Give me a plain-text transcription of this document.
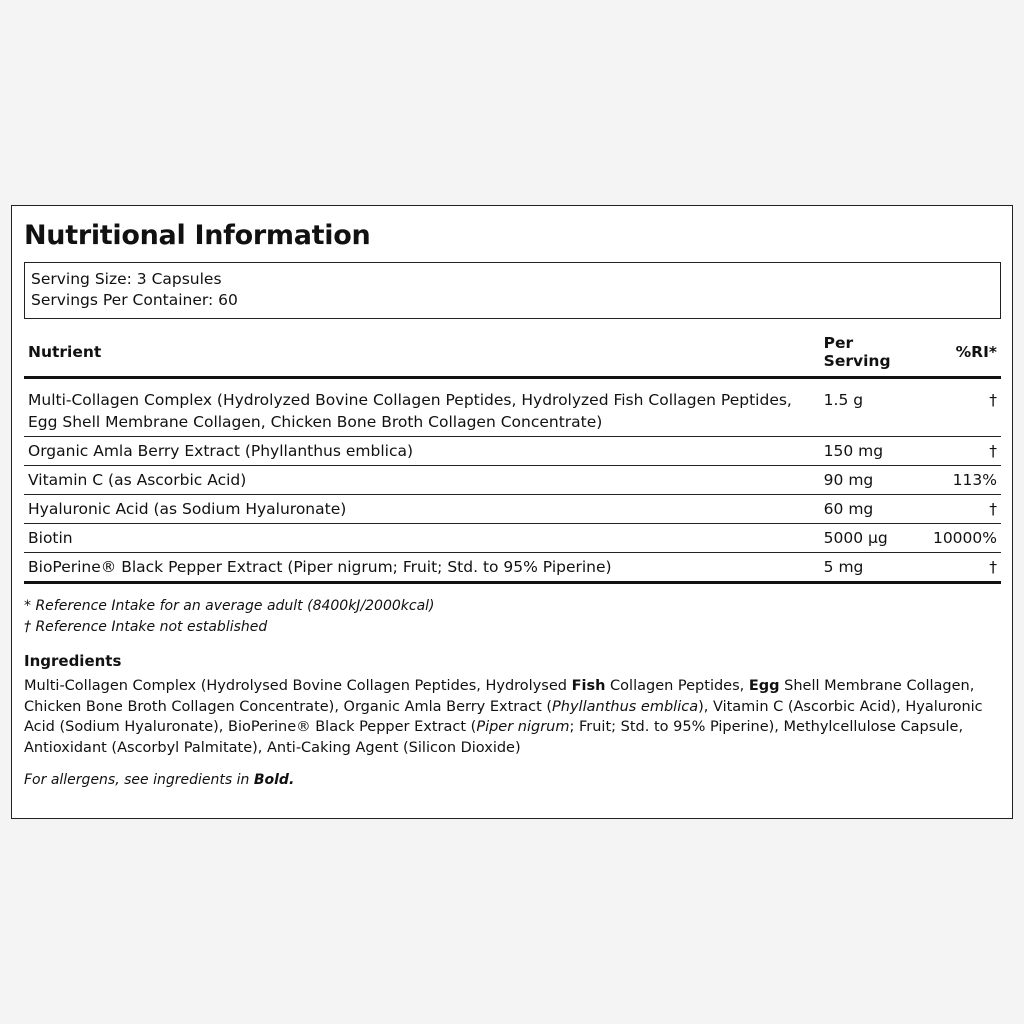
Nutritional Information
Serving Size: 3 Capsules
Servings Per Container: 60
Nutrient	Per Serving	%RI*
Multi-Collagen Complex (Hydrolyzed Bovine Collagen Peptides, Hydrolyzed Fish Collagen Peptides, Egg Shell Membrane Collagen, Chicken Bone Broth Collagen Concentrate)	1.5 g	†
Organic Amla Berry Extract (Phyllanthus emblica)	150 mg	†
Vitamin C (as Ascorbic Acid)	90 mg	113%
Hyaluronic Acid (as Sodium Hyaluronate)	60 mg	†
Biotin	5000 µg	10000%
BioPerine® Black Pepper Extract (Piper nigrum; Fruit; Std. to 95% Piperine)	5 mg	†
* Reference Intake for an average adult (8400kJ/2000kcal)
† Reference Intake not established
Ingredients
Multi-Collagen Complex (Hydrolysed Bovine Collagen Peptides, Hydrolysed Fish Collagen Peptides, Egg Shell Membrane Collagen, Chicken Bone Broth Collagen Concentrate), Organic Amla Berry Extract (Phyllanthus emblica), Vitamin C (Ascorbic Acid), Hyaluronic Acid (Sodium Hyaluronate), BioPerine® Black Pepper Extract (Piper nigrum; Fruit; Std. to 95% Piperine), Methylcellulose Capsule, Antioxidant (Ascorbyl Palmitate), Anti-Caking Agent (Silicon Dioxide)
For allergens, see ingredients in Bold.
